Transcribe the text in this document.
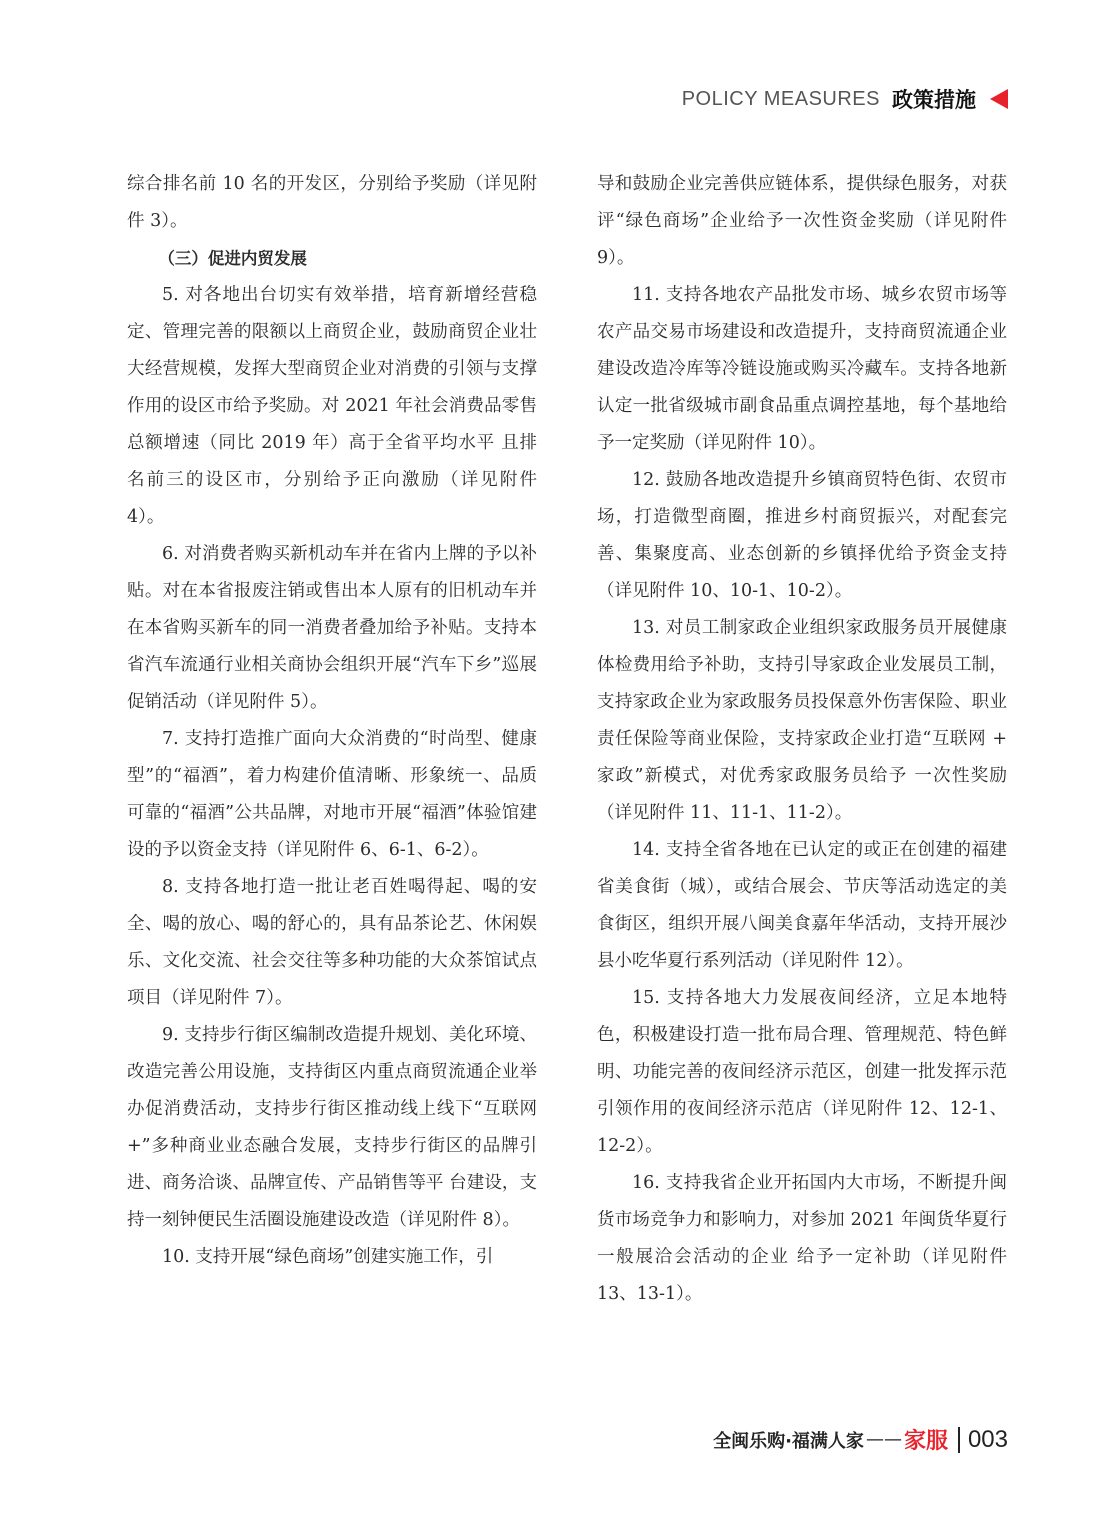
POLICY MEASURES 政策措施

综合排名前 10 名的开发区，分别给予奖励（详见附件 3）。

（三）促进内贸发展

5. 对各地出台切实有效举措，培育新增经营稳定、管理完善的限额以上商贸企业，鼓励商贸企业壮大经营规模，发挥大型商贸企业对消费的引领与支撑作用的设区市给予奖励。对 2021 年社会消费品零售总额增速（同比 2019 年）高于全省平均水平 且排名前三的设区市，分别给予正向激励（详见附件 4）。

6. 对消费者购买新机动车并在省内上牌的予以补贴。对在本省报废注销或售出本人原有的旧机动车并在本省购买新车的同一消费者叠加给予补贴。支持本省汽车流通行业相关商协会组织开展“汽车下乡”巡展促销活动（详见附件 5）。

7. 支持打造推广面向大众消费的“时尚型、健康型”的“福酒”，着力构建价值清晰、形象统一、品质可靠的“福酒”公共品牌，对地市开展“福酒”体验馆建设的予以资金支持（详见附件 6、6-1、6-2）。

8. 支持各地打造一批让老百姓喝得起、喝的安全、喝的放心、喝的舒心的，具有品茶论艺、休闲娱乐、文化交流、社会交往等多种功能的大众茶馆试点项目（详见附件 7）。

9. 支持步行街区编制改造提升规划、美化环境、改造完善公用设施，支持街区内重点商贸流通企业举办促消费活动，支持步行街区推动线上线下“互联网 +”多种商业业态融合发展，支持步行街区的品牌引进、商务洽谈、品牌宣传、产品销售等平 台建设，支持一刻钟便民生活圈设施建设改造（详见附件 8）。

10. 支持开展“绿色商场”创建实施工作，引

导和鼓励企业完善供应链体系，提供绿色服务，对获评“绿色商场”企业给予一次性资金奖励（详见附件 9）。

11. 支持各地农产品批发市场、城乡农贸市场等农产品交易市场建设和改造提升，支持商贸流通企业建设改造冷库等冷链设施或购买冷藏车。支持各地新认定一批省级城市副食品重点调控基地，每个基地给予一定奖励（详见附件 10）。

12. 鼓励各地改造提升乡镇商贸特色街、农贸市场，打造微型商圈，推进乡村商贸振兴，对配套完善、集聚度高、业态创新的乡镇择优给予资金支持（详见附件 10、10-1、10-2）。

13. 对员工制家政企业组织家政服务员开展健康体检费用给予补助，支持引导家政企业发展员工制，支持家政企业为家政服务员投保意外伤害保险、职业责任保险等商业保险，支持家政企业打造“互联网 + 家政”新模式，对优秀家政服务员给予 一次性奖励（详见附件 11、11-1、11-2）。

14. 支持全省各地在已认定的或正在创建的福建省美食街（城），或结合展会、节庆等活动选定的美食街区，组织开展八闽美食嘉年华活动，支持开展沙县小吃华夏行系列活动（详见附件 12）。

15. 支持各地大力发展夜间经济，立足本地特色，积极建设打造一批布局合理、管理规范、特色鲜明、功能完善的夜间经济示范区，创建一批发挥示范引领作用的夜间经济示范店（详见附件 12、12-1、12-2）。

16. 支持我省企业开拓国内大市场，不断提升闽货市场竞争力和影响力，对参加 2021 年闽货华夏行一般展洽会活动的企业 给予一定补助（详见附件 13、13-1）。

全闽乐购·福满人家 —— 家服 003
